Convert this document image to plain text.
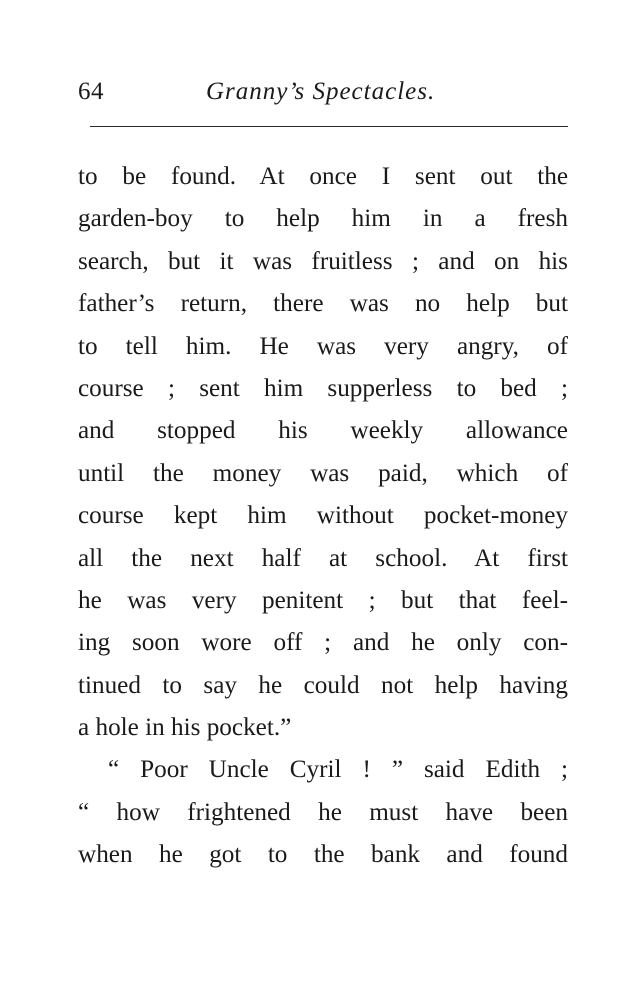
64	Granny’s Spectacles.
to be found. At once I sent out the
garden-boy to help him in a fresh
search, but it was fruitless ; and on his
father’s return, there was no help but
to tell him. He was very angry, of
course ; sent him supperless to bed ;
and stopped his weekly allowance
until the money was paid, which of
course kept him without pocket-money
all the next half at school. At first
he was very penitent ; but that feel-
ing soon wore off ; and he only con-
tinued to say he could not help having
a hole in his pocket.”
“ Poor Uncle Cyril ! ” said Edith ;
“ how frightened he must have been
when he got to the bank and found
